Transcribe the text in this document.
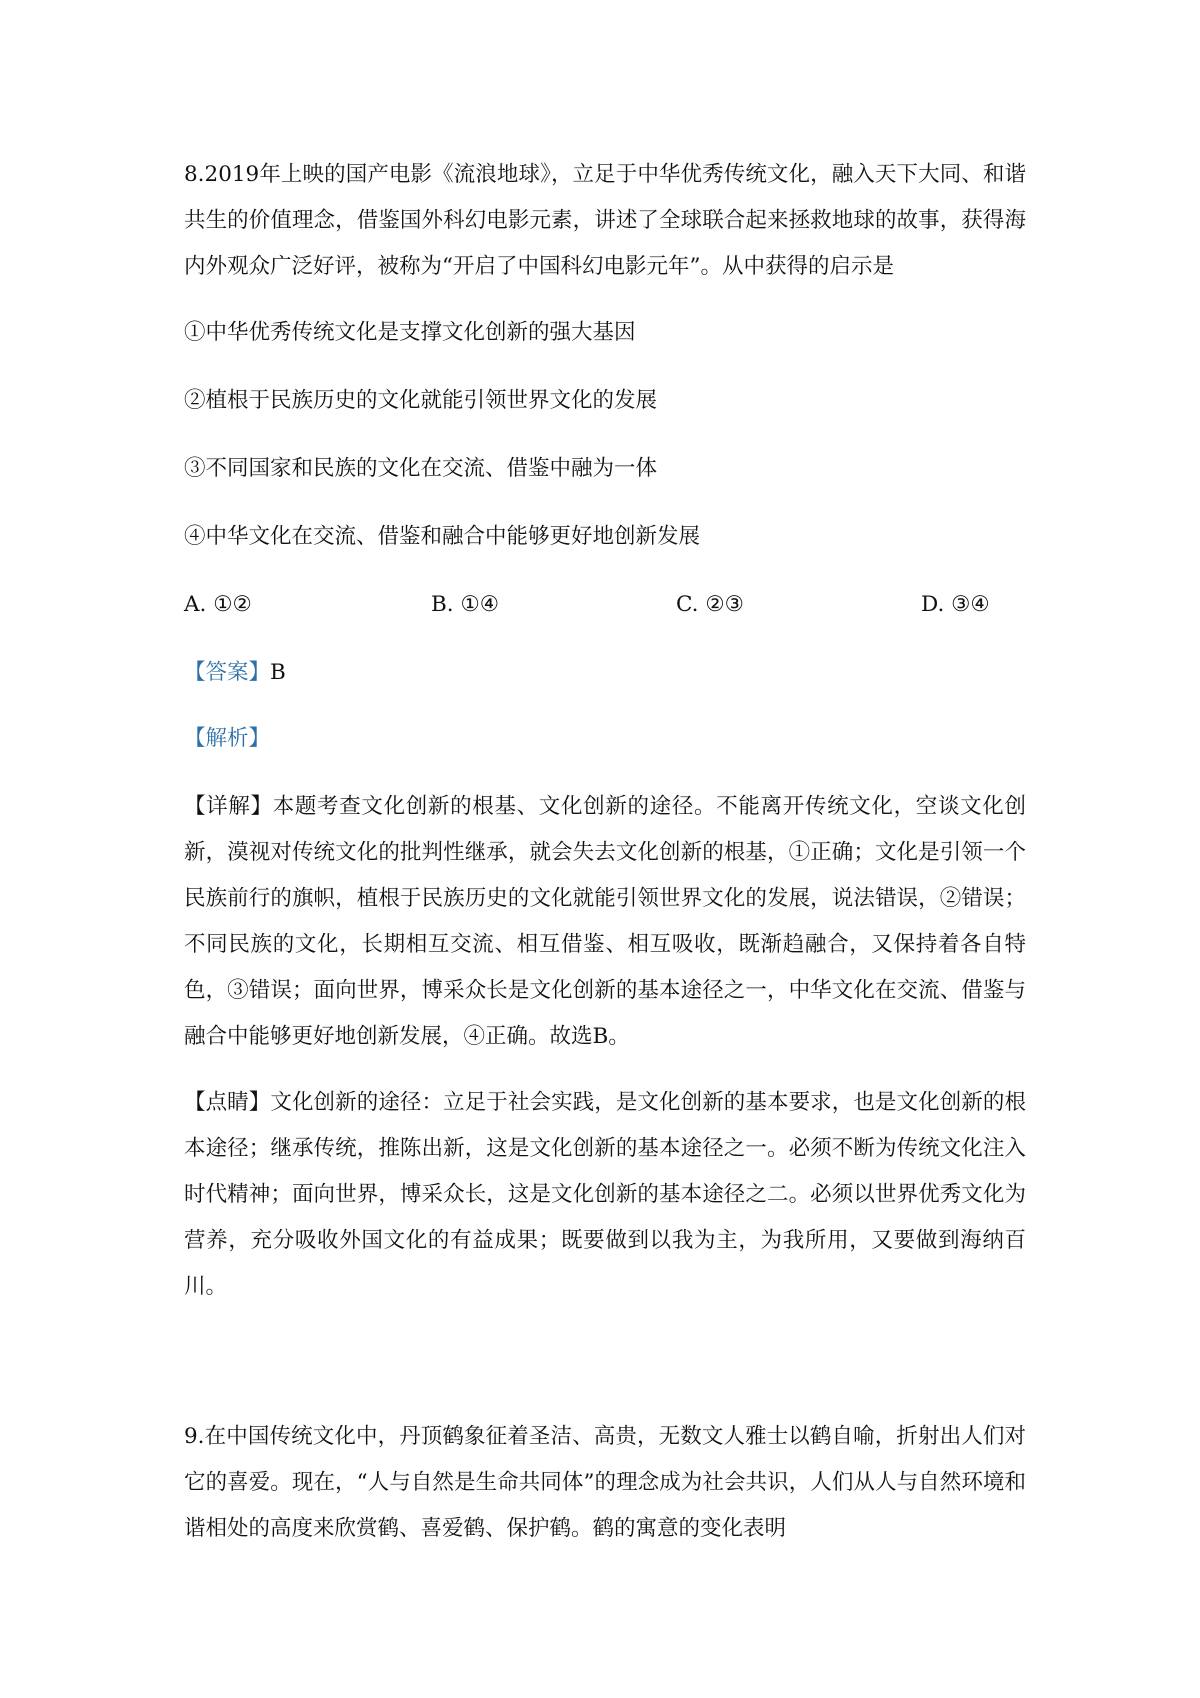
8.2019年上映的国产电影《流浪地球》，立足于中华优秀传统文化，融入天下大同、和谐共生的价值理念，借鉴国外科幻电影元素，讲述了全球联合起来拯救地球的故事，获得海内外观众广泛好评，被称为“开启了中国科幻电影元年”。从中获得的启示是

①中华优秀传统文化是支撑文化创新的强大基因

②植根于民族历史的文化就能引领世界文化的发展

③不同国家和民族的文化在交流、借鉴中融为一体

④中华文化在交流、借鉴和融合中能够更好地创新发展

A. ①②	B. ①④	C. ②③	D. ③④

【答案】B

【解析】

【详解】本题考查文化创新的根基、文化创新的途径。不能离开传统文化，空谈文化创新，漠视对传统文化的批判性继承，就会失去文化创新的根基，①正确；文化是引领一个民族前行的旗帜，植根于民族历史的文化就能引领世界文化的发展，说法错误，②错误；不同民族的文化，长期相互交流、相互借鉴、相互吸收，既渐趋融合，又保持着各自特色，③错误；面向世界，博采众长是文化创新的基本途径之一，中华文化在交流、借鉴与融合中能够更好地创新发展，④正确。故选B。

【点睛】文化创新的途径：立足于社会实践，是文化创新的基本要求，也是文化创新的根本途径；继承传统，推陈出新，这是文化创新的基本途径之一。必须不断为传统文化注入时代精神；面向世界，博采众长，这是文化创新的基本途径之二。必须以世界优秀文化为营养，充分吸收外国文化的有益成果；既要做到以我为主，为我所用，又要做到海纳百川。

9.在中国传统文化中，丹顶鹤象征着圣洁、高贵，无数文人雅士以鹤自喻，折射出人们对它的喜爱。现在，“人与自然是生命共同体”的理念成为社会共识，人们从人与自然环境和谐相处的高度来欣赏鹤、喜爱鹤、保护鹤。鹤的寓意的变化表明
